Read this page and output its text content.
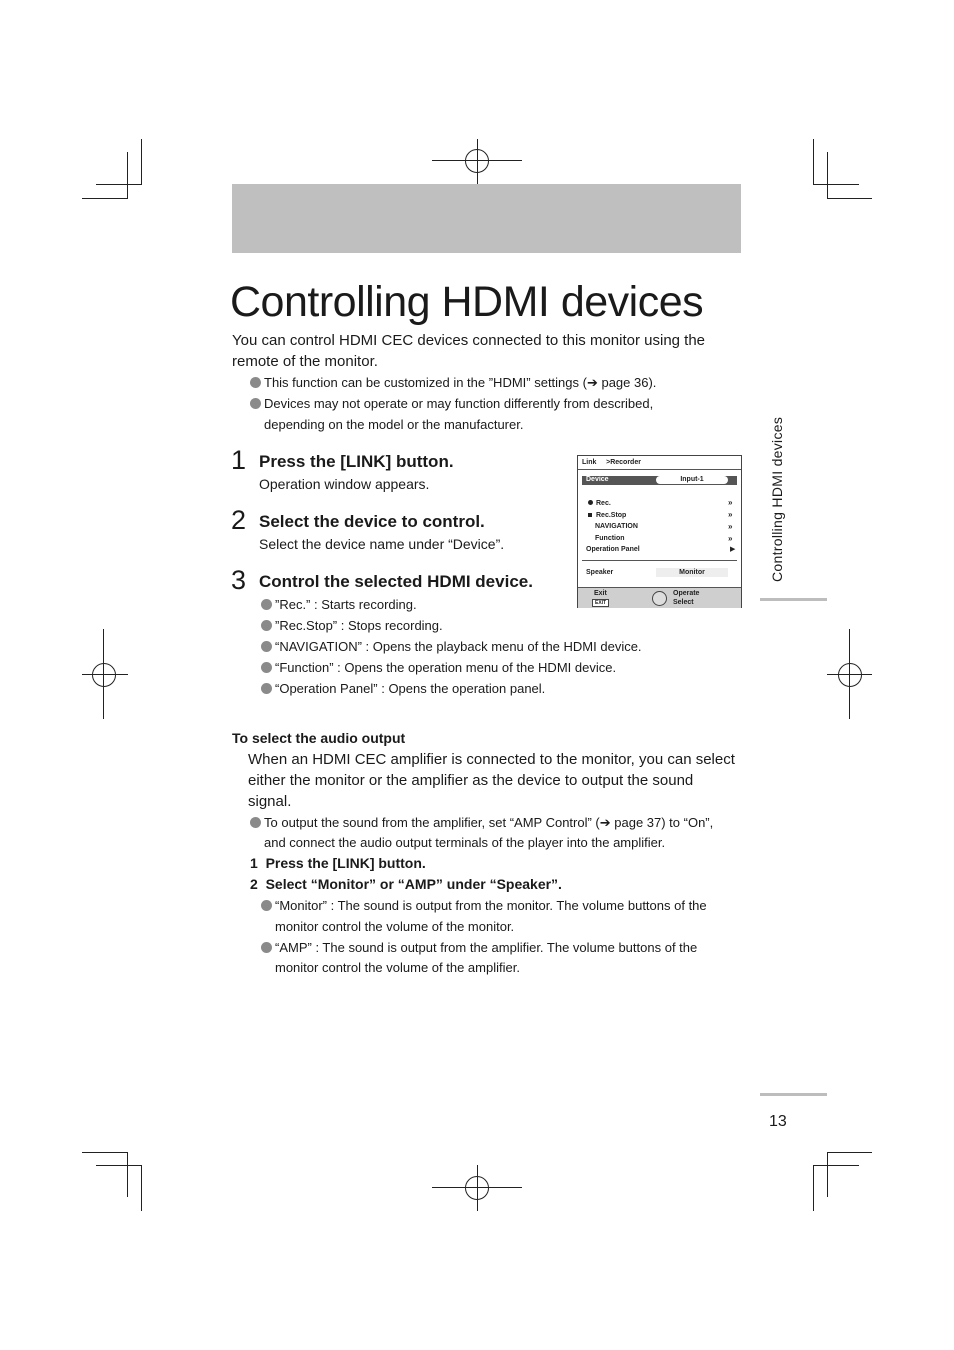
Controlling HDMI devices
You can control HDMI CEC devices connected to this monitor using the remote of the monitor.
This function can be customized in the ”HDMI” settings (➔ page 36).
Devices may not operate or may function differently from described,
depending on the model or the manufacturer.
1 Press the [LINK] button.
Operation window appears.
2 Select the device to control.
Select the device name under “Device”.
3 Control the selected HDMI device.
”Rec.” : Starts recording.
”Rec.Stop” : Stops recording.
“NAVIGATION” : Opens the playback menu of the HDMI device.
“Function” : Opens the operation menu of the HDMI device.
“Operation Panel” : Opens the operation panel.
Link >Recorder
Device	Input-1
Rec.
Rec.Stop
NAVIGATION
Function
Operation Panel
»
»
»
»
▶
Speaker	Monitor
Exit
EXIT
Operate
Select
To select the audio output
When an HDMI CEC amplifier is connected to the monitor, you can select
either the monitor or the amplifier as the device to output the sound
signal.
To output the sound from the amplifier, set “AMP Control” (➔ page 37) to “On”,
and connect the audio output terminals of the player into the amplifier.
1  Press the [LINK] button.
2  Select “Monitor” or “AMP” under “Speaker”.
“Monitor” : The sound is output from the monitor. The volume buttons of the
monitor control the volume of the monitor.
“AMP” : The sound is output from the amplifier. The volume buttons of the
monitor control the volume of the amplifier.
Controlling HDMI devices
13
